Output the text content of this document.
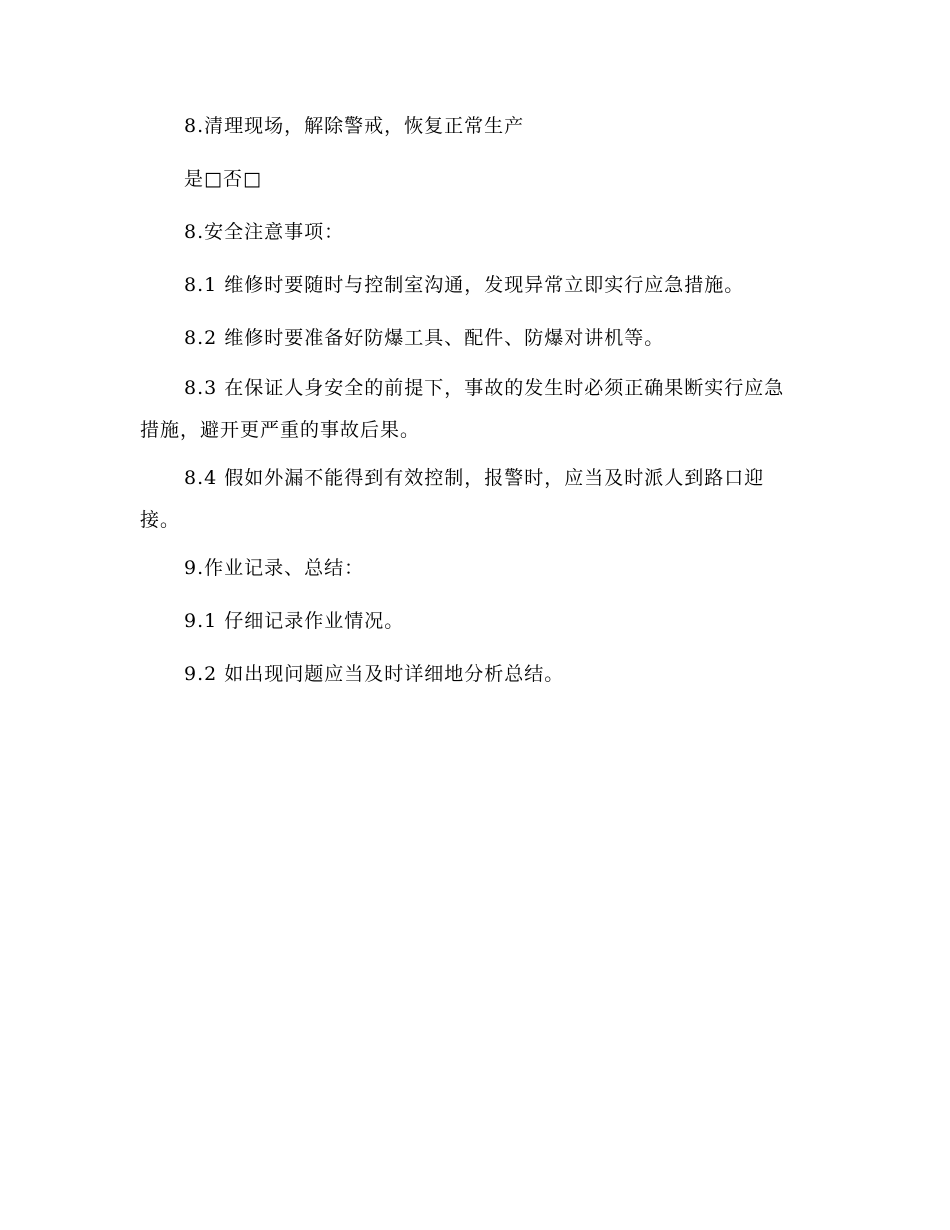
8.清理现场，解除警戒，恢复正常生产

是□否□

8.安全注意事项：

8.1 维修时要随时与控制室沟通，发现异常立即实行应急措施。

8.2 维修时要准备好防爆工具、配件、防爆对讲机等。

8.3 在保证人身安全的前提下，事故的发生时必须正确果断实行应急措施，避开更严重的事故后果。

8.4 假如外漏不能得到有效控制，报警时，应当及时派人到路口迎接。

9.作业记录、总结：

9.1 仔细记录作业情况。

9.2 如出现问题应当及时详细地分析总结。
